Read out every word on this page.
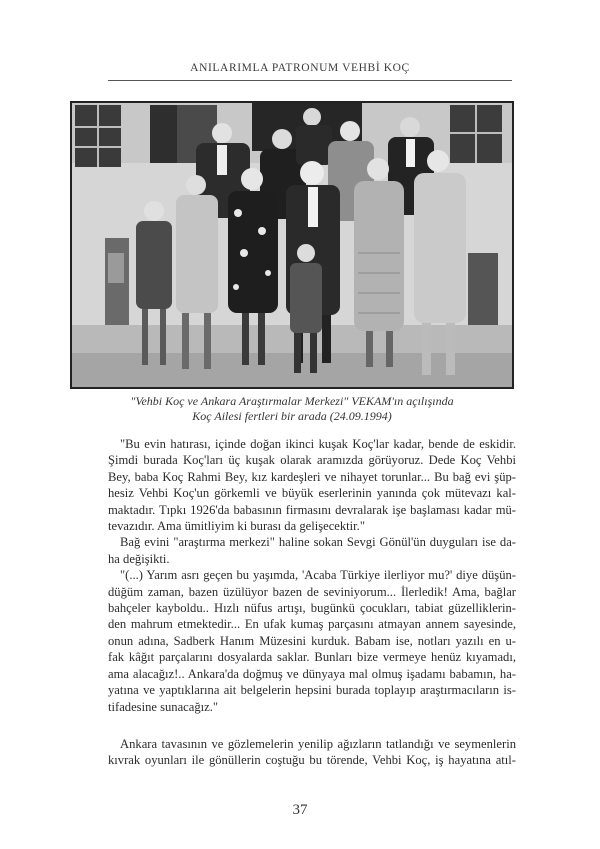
ANILARIMLA PATRONUM VEHBİ KOÇ
"Vehbi Koç ve Ankara Araştırmalar Merkezi" VEKAM'ın açılışında
Koç Ailesi fertleri bir arada (24.09.1994)
"Bu evin hatırası, içinde doğan ikinci kuşak Koç'lar kadar, bende de eskidir.
Şimdi burada Koç'ları üç kuşak olarak aramızda görüyoruz. Dede Koç Vehbi
Bey, baba Koç Rahmi Bey, kız kardeşleri ve nihayet torunlar... Bu bağ evi şüp-
hesiz Vehbi Koç'un görkemli ve büyük eserlerinin yanında çok mütevazı kal-
maktadır. Tıpkı 1926'da babasının firmasını devralarak işe başlaması kadar mü-
tevazıdır. Ama ümitliyim ki burası da gelişecektir."
Bağ evini "araştırma merkezi" haline sokan Sevgi Gönül'ün duyguları ise da-
ha değişikti.
"(...) Yarım asrı geçen bu yaşımda, 'Acaba Türkiye ilerliyor mu?' diye düşün-
düğüm zaman, bazen üzülüyor bazen de seviniyorum... İlerledik! Ama, bağlar
bahçeler kayboldu.. Hızlı nüfus artışı, bugünkü çocukları, tabiat güzelliklerin-
den mahrum etmektedir... En ufak kumaş parçasını atmayan annem sayesinde,
onun adına, Sadberk Hanım Müzesini kurduk. Babam ise, notları yazılı en u-
fak kâğıt parçalarını dosyalarda saklar. Bunları bize vermeye henüz kıyamadı,
ama alacağız!.. Ankara'da doğmuş ve dünyaya mal olmuş işadamı babamın, ha-
yatına ve yaptıklarına ait belgelerin hepsini burada toplayıp araştırmacıların is-
tifadesine sunacağız."
Ankara tavasının ve gözlemelerin yenilip ağızların tatlandığı ve seymenlerin
kıvrak oyunları ile gönüllerin coştuğu bu törende, Vehbi Koç, iş hayatına atıl-
37
